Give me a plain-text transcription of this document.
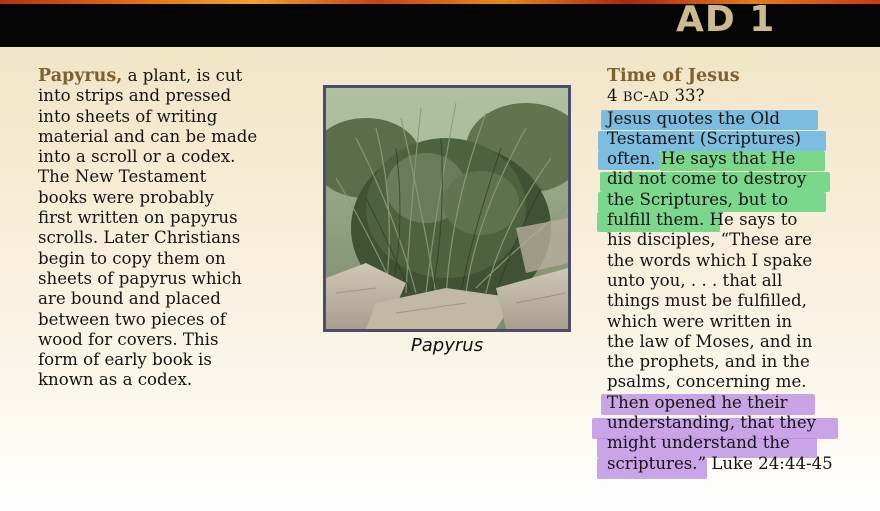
AD 1
Papyrus, a plant, is cut
into strips and pressed
into sheets of writing
material and can be made
into a scroll or a codex.
The New Testament
books were probably
first written on papyrus
scrolls. Later Christians
begin to copy them on
sheets of papyrus which
are bound and placed
between two pieces of
wood for covers. This
form of early book is
known as a codex.
Papyrus
Time of Jesus
4 BC-AD 33?
Jesus quotes the Old
Testament (Scriptures)
often. He says that He
did not come to destroy
the Scriptures, but to
fulfill them. He says to
his disciples, “These are
the words which I spake
unto you, . . . that all
things must be fulfilled,
which were written in
the law of Moses, and in
the prophets, and in the
psalms, concerning me.
Then opened he their
understanding, that they
might understand the
scriptures.” Luke 24:44-45
